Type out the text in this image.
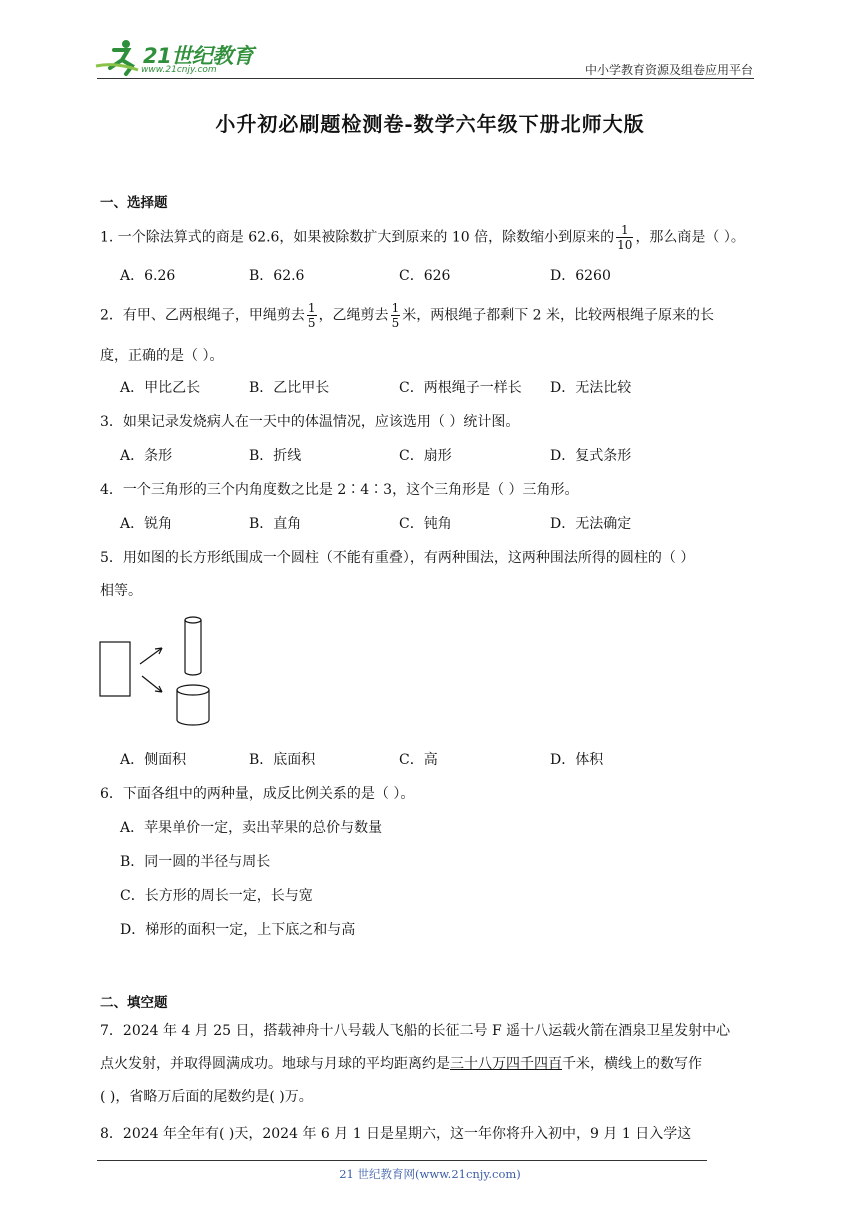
21世纪教育
www.21cnjy.com	中小学教育资源及组卷应用平台
小升初必刷题检测卷-数学六年级下册北师大版
一、选择题
1. 一个除法算式的商是 62.6，如果被除数扩大到原来的 10 倍，除数缩小到原来的 $\frac{1}{10}$ ，那么商是（ ）。
A．6.26	B．62.6	C．626	D．6260
2．有甲、乙两根绳子，甲绳剪去 $\frac{1}{5}$ ，乙绳剪去 $\frac{1}{5}$ 米，两根绳子都剩下 2 米，比较两根绳子原来的长
度，正确的是（ ）。
A．甲比乙长	B．乙比甲长	C．两根绳子一样长 D．无法比较
3．如果记录发烧病人在一天中的体温情况，应该选用（ ）统计图。
A．条形	B．折线	C．扇形	D．复式条形
4．一个三角形的三个内角度数之比是 2∶4∶3，这个三角形是（ ）三角形。
A．锐角	B．直角	C．钝角	D．无法确定
5．用如图的长方形纸围成一个圆柱（不能有重叠），有两种围法，这两种围法所得的圆柱的（ ）
相等。
A．侧面积	B．底面积	C．高	D．体积
6．下面各组中的两种量，成反比例关系的是（ ）。
A．苹果单价一定，卖出苹果的总价与数量
B．同一圆的半径与周长
C．长方形的周长一定，长与宽
D．梯形的面积一定，上下底之和与高
二、填空题
7．2024 年 4 月 25 日，搭载神舟十八号载人飞船的长征二号 F 遥十八运载火箭在酒泉卫星发射中心
点火发射，并取得圆满成功。地球与月球的平均距离约是三十八万四千四百千米，横线上的数写作
( )，省略万后面的尾数约是( )万。
8．2024 年全年有( )天，2024 年 6 月 1 日是星期六，这一年你将升入初中，9 月 1 日入学这
21 世纪教育网(www.21cnjy.com)
